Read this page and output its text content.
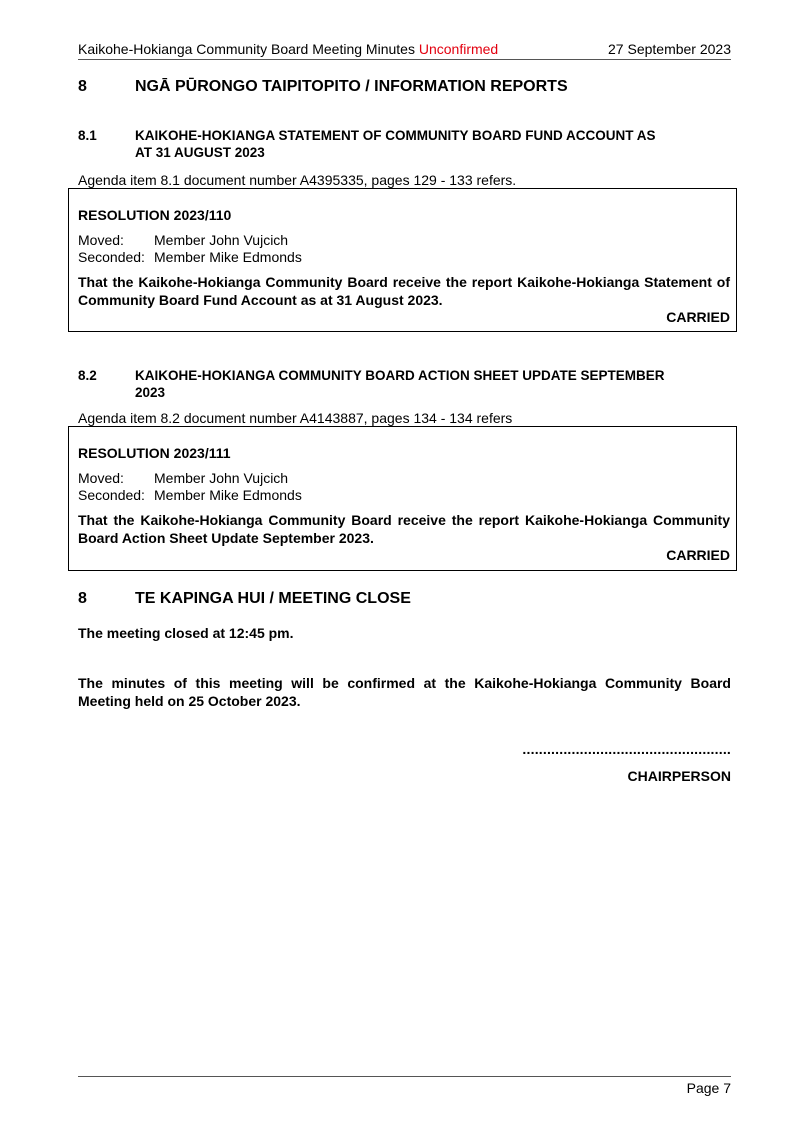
Kaikohe-Hokianga Community Board Meeting Minutes Unconfirmed	27 September 2023
8	NGĀ PŪRONGO TAIPITOPITO / INFORMATION REPORTS
8.1	KAIKOHE-HOKIANGA STATEMENT OF COMMUNITY BOARD FUND ACCOUNT AS
AT 31 AUGUST 2023
Agenda item 8.1 document number A4395335, pages 129 - 133 refers.
RESOLUTION 2023/110
Moved: Member John Vujcich
Seconded: Member Mike Edmonds
That the Kaikohe-Hokianga Community Board receive the report Kaikohe-Hokianga Statement of Community Board Fund Account as at 31 August 2023.
CARRIED
8.2	KAIKOHE-HOKIANGA COMMUNITY BOARD ACTION SHEET UPDATE SEPTEMBER
2023
Agenda item 8.2 document number A4143887, pages 134 - 134 refers
RESOLUTION 2023/111
Moved: Member John Vujcich
Seconded: Member Mike Edmonds
That the Kaikohe-Hokianga Community Board receive the report Kaikohe-Hokianga Community Board Action Sheet Update September 2023.
CARRIED
8	TE KAPINGA HUI / MEETING CLOSE
The meeting closed at 12:45 pm.
The minutes of this meeting will be confirmed at the Kaikohe-Hokianga Community Board Meeting held on 25 October 2023.
...................................................
CHAIRPERSON
Page 7
